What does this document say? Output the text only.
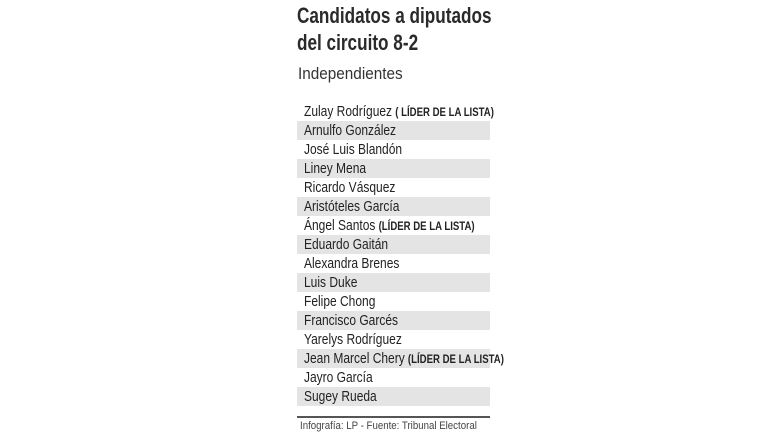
Candidatos a diputados
del circuito 8-2
Independientes
Zulay Rodríguez ( LÍDER DE LA LISTA)
Arnulfo González
José Luis Blandón
Liney Mena
Ricardo Vásquez
Aristóteles García
Ángel Santos (LÍDER DE LA LISTA)
Eduardo Gaitán
Alexandra Brenes
Luis Duke
Felipe Chong
Francisco Garcés
Yarelys Rodríguez
Jean Marcel Chery (LÍDER DE LA LISTA)
Jayro García
Sugey Rueda
Infografía: LP - Fuente: Tribunal Electoral
